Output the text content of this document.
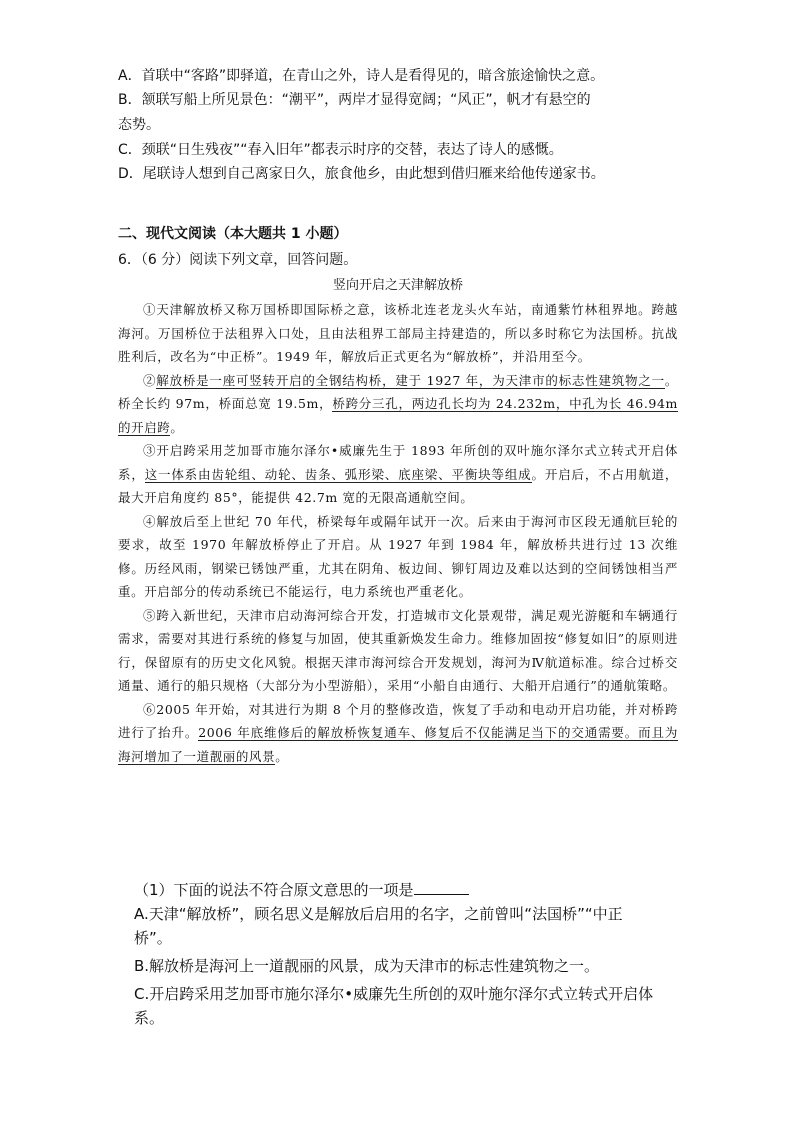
A．首联中“客路”即驿道，在青山之外，诗人是看得见的，暗含旅途愉快之意。
B．颔联写船上所见景色：“潮平”，两岸才显得宽阔；“风正”，帆才有悬空的
态势。
C．颈联“日生残夜”“春入旧年”都表示时序的交替，表达了诗人的感慨。
D．尾联诗人想到自己离家日久，旅食他乡，由此想到借归雁来给他传递家书。
二、现代文阅读（本大题共 1 小题）
6．（6 分）阅读下列文章，回答问题。
竖向开启之天津解放桥

①天津解放桥又称万国桥即国际桥之意，该桥北连老龙头火车站，南通紫竹林租界地。跨越海河。万国桥位于法租界入口处，且由法租界工部局主持建造的，所以多时称它为法国桥。抗战胜利后，改名为“中正桥”。1949 年，解放后正式更名为“解放桥”，并沿用至今。

②解放桥是一座可竖转开启的全钢结构桥，建于 1927 年，为天津市的标志性建筑物之一。桥全长约 97m，桥面总宽 19.5m，桥跨分三孔，两边孔长均为 24.232m，中孔为长 46.94m 的开启跨。

③开启跨采用芝加哥市施尔泽尔•威廉先生于 1893 年所创的双叶施尔泽尔式立转式开启体系，这一体系由齿轮组、动轮、齿条、弧形梁、底座梁、平衡块等组成。开启后，不占用航道，最大开启角度约 85°，能提供 42.7m 宽的无限高通航空间。

④解放后至上世纪 70 年代，桥梁每年或隔年试开一次。后来由于海河市区段无通航巨轮的要求，故至 1970 年解放桥停止了开启。从 1927 年到 1984 年，解放桥共进行过 13 次维修。历经风雨，钢梁已锈蚀严重，尤其在阴角、板边间、铆钉周边及难以达到的空间锈蚀相当严重。开启部分的传动系统已不能运行，电力系统也严重老化。

⑤跨入新世纪，天津市启动海河综合开发，打造城市文化景观带，满足观光游艇和车辆通行需求，需要对其进行系统的修复与加固，使其重新焕发生命力。维修加固按“修复如旧”的原则进行，保留原有的历史文化风貌。根据天津市海河综合开发规划，海河为Ⅳ航道标准。综合过桥交通量、通行的船只规格（大部分为小型游船），采用“小船自由通行、大船开启通行”的通航策略。

⑥2005 年开始，对其进行为期 8 个月的整修改造，恢复了手动和电动开启功能，并对桥跨进行了抬升。2006 年底维修后的解放桥恢复通车、修复后不仅能满足当下的交通需要。而且为海河增加了一道靓丽的风景。

（1）下面的说法不符合原文意思的一项是
A.天津“解放桥”，顾名思义是解放后启用的名字，之前曾叫“法国桥”“中正
桥”。
B.解放桥是海河上一道靓丽的风景，成为天津市的标志性建筑物之一。
C.开启跨采用芝加哥市施尔泽尔•威廉先生所创的双叶施尔泽尔式立转式开启体
系。
